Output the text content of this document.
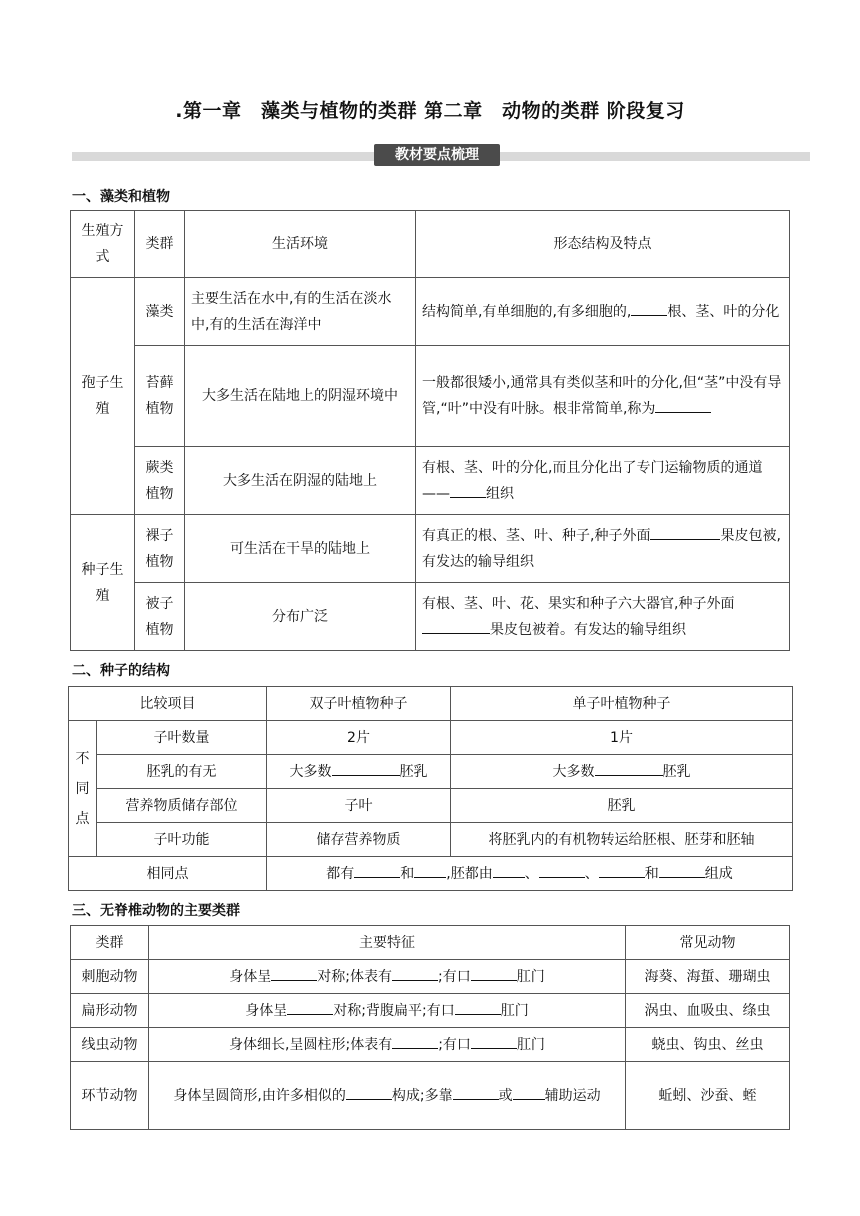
.第一章　藻类与植物的类群 第二章　动物的类群 阶段复习
教材要点梳理
一、藻类和植物
生殖方式	类群	生活环境	形态结构及特点
孢子生殖	藻类	主要生活在水中,有的生活在淡水中,有的生活在海洋中	结构简单,有单细胞的,有多细胞的, 根、茎、叶的分化
	苔藓植物	大多生活在陆地上的阴湿环境中	一般都很矮小,通常具有类似茎和叶的分化,但“茎”中没有导管,“叶”中没有叶脉。根非常简单,称为
	蕨类植物	大多生活在阴湿的陆地上	有根、茎、叶的分化,而且分化出了专门运输物质的通道—— 组织
种子生殖	裸子植物	可生活在干旱的陆地上	有真正的根、茎、叶、种子,种子外面 果皮包被,有发达的输导组织
	被子植物	分布广泛	有根、茎、叶、花、果实和种子六大器官,种子外面果皮包被着。有发达的输导组织
二、种子的结构
比较项目		双子叶植物种子	单子叶植物种子
不同点	子叶数量	2片	1片
	胚乳的有无	大多数 胚乳	大多数 胚乳
	营养物质储存部位	子叶	胚乳
	子叶功能	储存营养物质	将胚乳内的有机物转运给胚根、胚芽和胚轴
相同点		都有 和 ,胚都由 、 、 和 组成	
三、无脊椎动物的主要类群
类群	主要特征	常见动物
刺胞动物	身体呈 对称;体表有 ;有口 肛门	海葵、海蜇、珊瑚虫
扁形动物	身体呈 对称;背腹扁平;有口 肛门	涡虫、血吸虫、绦虫
线虫动物	身体细长,呈圆柱形;体表有 ;有口 肛门	蛲虫、钩虫、丝虫
环节动物	身体呈圆筒形,由许多相似的 构成;多靠 或 辅助运动	蚯蚓、沙蚕、蛭
